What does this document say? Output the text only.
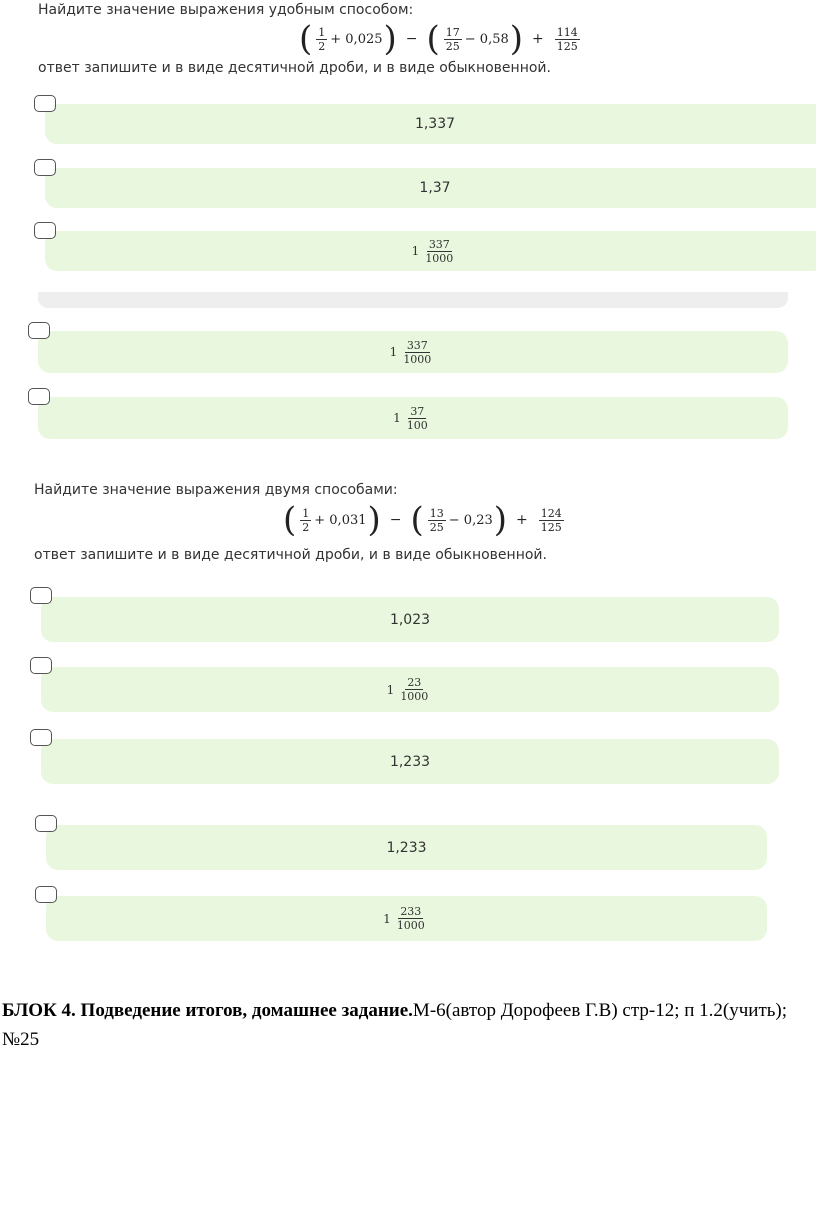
Найдите значение выражения удобным способом:
( $\frac{1}{2} + 0,025$ ) − ( $\frac{17}{25} - 0,58$ ) + $\frac{114}{125}$
ответ запишите и в виде десятичной дроби, и в виде обыкновенной.
1,337
1,37
$1 \frac{337}{1000}$
$1 \frac{337}{1000}$
$1 \frac{37}{100}$
Найдите значение выражения двумя способами:
( $\frac{1}{2} + 0,031$ ) − ( $\frac{13}{25} - 0,23$ ) + $\frac{124}{125}$
ответ запишите и в виде десятичной дроби, и в виде обыкновенной.
1,023
$1 \frac{23}{1000}$
1,233
1,233
$1 \frac{233}{1000}$
БЛОК 4. Подведение итогов, домашнее задание.М-6(автор Дорофеев Г.В) стр-12; п 1.2(учить); №25
